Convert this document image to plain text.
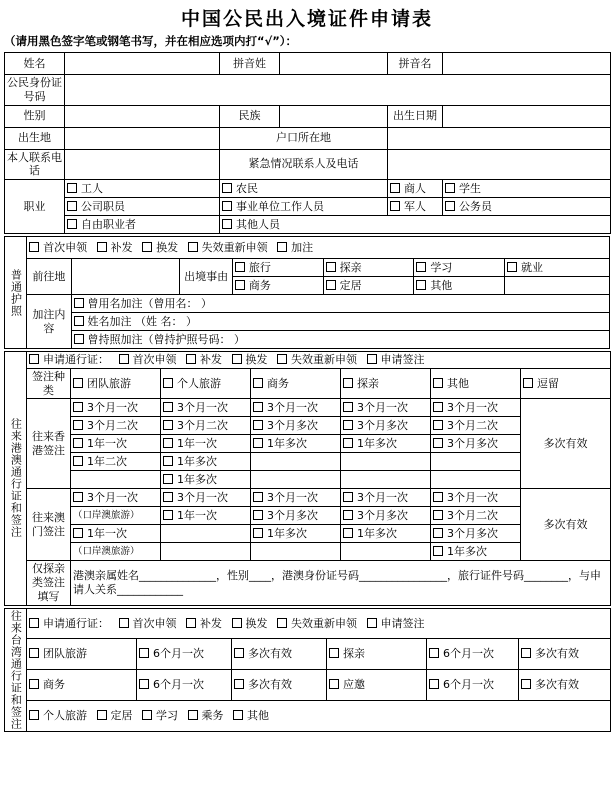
中国公民出入境证件申请表
（请用黑色签字笔或钢笔书写，并在相应选项内打“√”）：
姓名		拼音姓		拼音名	
公民身份证号码					
性别		民族		出生日期	
出生地		户口所在地			
本人联系电话		紧急情况联系人及电话			
职业	工人	农民		商人	学生
	公司职员	事业单位工作人员		军人	公务员
	自由职业者	其他人员			
普通护照	首次申领 补发 换发 失效重新申领 加注						
	前往地		出境事由	旅行	探亲	学习	就业
				商务	定居	其他	
	加注内容	曾用名加注（曾用名： ）					
		姓名加注 （姓 名： ）					
		曾持照加注（曾持护照号码： ）					
往来港澳通行证和签注	申请通行证： 首次申领 补发 换发 失效重新申领 申请签注						
	签注种类	团队旅游	个人旅游	商务	探亲	其他	逗留
	往来香港签注	3个月一次	3个月一次	3个月一次	3个月一次	3个月一次	多次有效
		3个月二次	3个月二次	3个月多次	3个月多次	3个月二次	
		1年一次	1年一次	1年多次	1年多次	3个月多次	
		1年二次	1年多次				
			1年多次				
	往来澳门签注	3个月一次	3个月一次	3个月一次	3个月一次	3个月一次	多次有效
		（口岸澳旅游）	1年一次	3个月多次	3个月多次	3个月二次	
		1年一次		1年多次	1年多次	3个月多次	
		（口岸澳旅游）				1年多次	
	仅探亲类签注填写	港澳亲属姓名______________，性别____，港澳身份证号码________________，旅行证件号码________，与申请人关系____________					
往来台湾通行证和签注	申请通行证： 首次申领 补发 换发 失效重新申领 申请签注					
	团队旅游	6个月一次	多次有效	探亲	6个月一次	多次有效
	商务	6个月一次	多次有效	应邀	6个月一次	多次有效
	个人旅游 定居 学习 乘务 其他					
